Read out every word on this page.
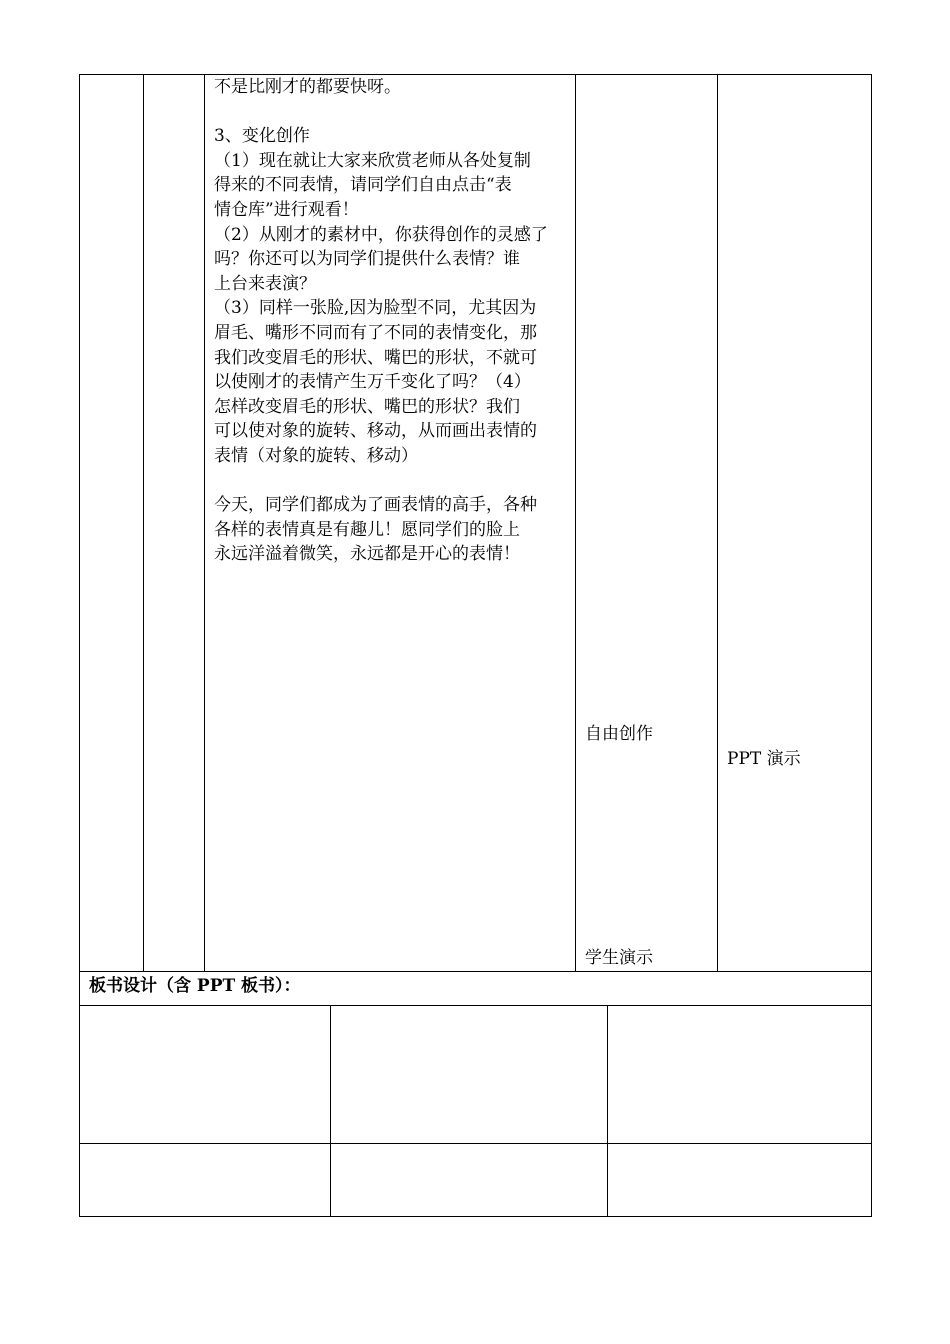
不是比刚才的都要快呀。
3、变化创作
（1）现在就让大家来欣赏老师从各处复制
得来的不同表情，请同学们自由点击“表
情仓库”进行观看！
（2）从刚才的素材中，你获得创作的灵感了
吗？你还可以为同学们提供什么表情？谁
上台来表演？
（3）同样一张脸,因为脸型不同，尤其因为
眉毛、嘴形不同而有了不同的表情变化，那
我们改变眉毛的形状、嘴巴的形状，不就可
以使刚才的表情产生万千变化了吗？（4）
怎样改变眉毛的形状、嘴巴的形状？我们
可以使对象的旋转、移动，从而画出表情的
表情（对象的旋转、移动）
今天，同学们都成为了画表情的高手，各种
各样的表情真是有趣儿！愿同学们的脸上
永远洋溢着微笑，永远都是开心的表情！
自由创作
学生演示
PPT 演示
板书设计（含 PPT 板书）：
